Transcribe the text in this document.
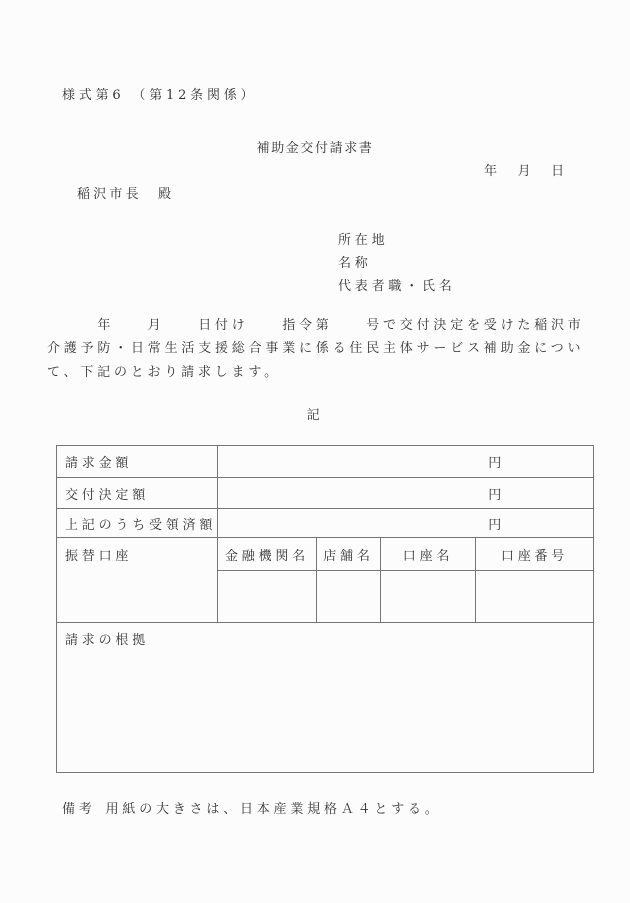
様式第6 （第12条関係）
補助金交付請求書
年　月　日
稲沢市長　殿
所在地
名称
代表者職・氏名
　　　年　　月　　日付け　　指令第　　号で交付決定を受けた稲沢市
介護予防・日常生活支援総合事業に係る住民主体サービス補助金につい
て、下記のとおり請求します。
記
請求金額	円			
交付決定額	円			
上記のうち受領済額	円			
振替口座	金融機関名	店舗名	口座名	口座番号

請求の根拠				
備考 用紙の大きさは、日本産業規格Ａ４とする。
